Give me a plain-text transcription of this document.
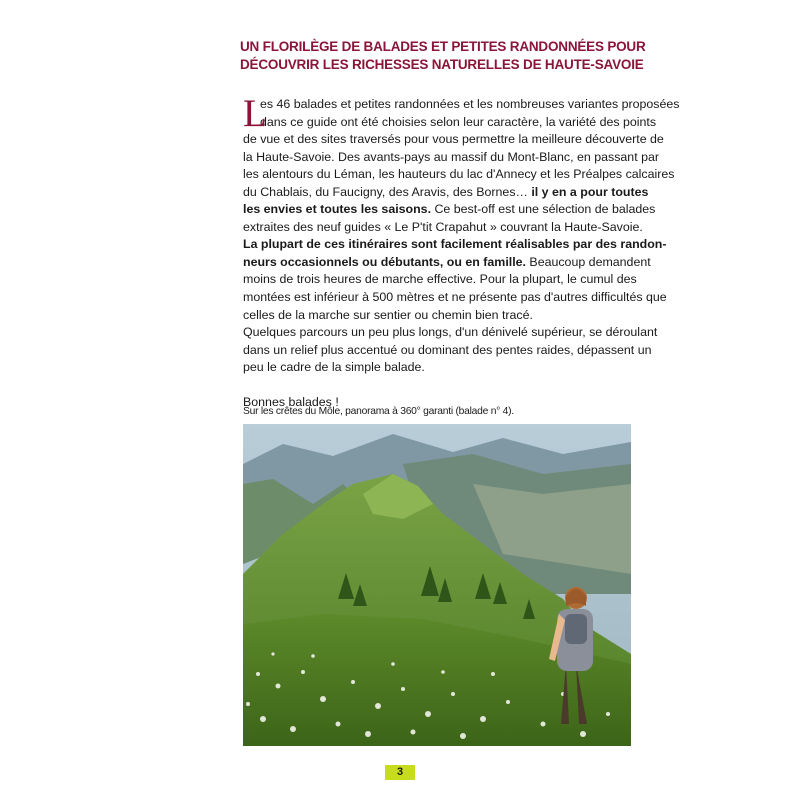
UN FLORILÈGE DE BALADES ET PETITES RANDONNÉES POUR
DÉCOUVRIR LES RICHESSES NATURELLES DE HAUTE-SAVOIE
L
es 46 balades et petites randonnées et les nombreuses variantes proposées
dans ce guide ont été choisies selon leur caractère, la variété des points
de vue et des sites traversés pour vous permettre la meilleure découverte de
la Haute-Savoie. Des avants-pays au massif du Mont-Blanc, en passant par
les alentours du Léman, les hauteurs du lac d'Annecy et les Préalpes calcaires
du Chablais, du Faucigny, des Aravis, des Bornes… il y en a pour toutes
les envies et toutes les saisons. Ce best-off est une sélection de balades
extraites des neuf guides « Le P'tit Crapahut » couvrant la Haute-Savoie.
La plupart de ces itinéraires sont facilement réalisables par des randon-
neurs occasionnels ou débutants, ou en famille. Beaucoup demandent
moins de trois heures de marche effective. Pour la plupart, le cumul des
montées est inférieur à 500 mètres et ne présente pas d'autres difficultés que
celles de la marche sur sentier ou chemin bien tracé.
Quelques parcours un peu plus longs, d'un dénivelé supérieur, se déroulant
dans un relief plus accentué ou dominant des pentes raides, dépassent un
peu le cadre de la simple balade.
Bonnes balades !
Sur les crêtes du Môle, panorama à 360° garanti (balade n° 4).
3
